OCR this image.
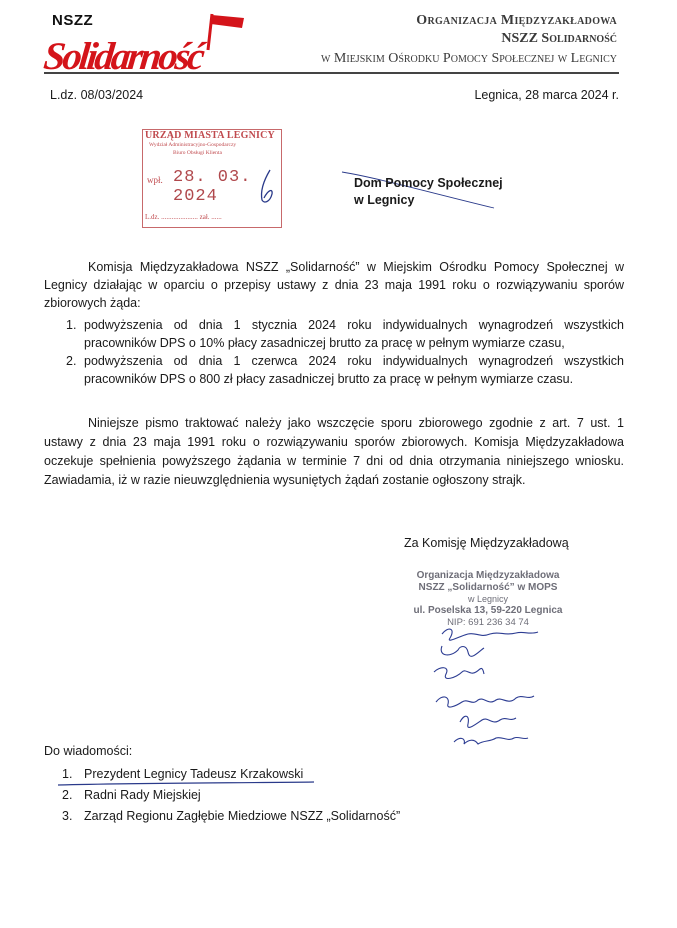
NSZZ
Solidarność
Organizacja Międzyzakładowa
NSZZ Solidarność
w Miejskim Ośrodku Pomocy Społecznej w Legnicy
L.dz. 08/03/2024	Legnica, 28 marca 2024 r.
URZĄD MIASTA LEGNICY
Wydział Administracyjno-Gospodarczy
Biuro Obsługi Klienta
wpł. 28. 03. 2024
L.dz. ..................... zał. ......
Dom Pomocy Społecznej
w Legnicy
Komisja Międzyzakładowa NSZZ „Solidarność” w Miejskim Ośrodku Pomocy Społecznej w Legnicy działając w oparciu o przepisy ustawy z dnia 23 maja 1991 roku o rozwiązywaniu sporów zbiorowych żąda:
1. podwyższenia od dnia 1 stycznia 2024 roku indywidualnych wynagrodzeń wszystkich pracowników DPS o 10% płacy zasadniczej brutto za pracę w pełnym wymiarze czasu,
2. podwyższenia od dnia 1 czerwca 2024 roku indywidualnych wynagrodzeń wszystkich pracowników DPS o 800 zł płacy zasadniczej brutto za pracę w pełnym wymiarze czasu.
Niniejsze pismo traktować należy jako wszczęcie sporu zbiorowego zgodnie z art. 7 ust. 1 ustawy z dnia 23 maja 1991 roku o rozwiązywaniu sporów zbiorowych. Komisja Międzyzakładowa oczekuje spełnienia powyższego żądania w terminie 7 dni od dnia otrzymania niniejszego wniosku. Zawiadamia, iż w razie nieuwzględnienia wysuniętych żądań zostanie ogłoszony strajk.
Za Komisję Międzyzakładową
Organizacja Międzyzakładowa
NSZZ „Solidarność” w MOPS
w Legnicy
ul. Poselska 13, 59-220 Legnica
NIP: 691 236 34 74
Do wiadomości:
1. Prezydent Legnicy Tadeusz Krzakowski
2. Radni Rady Miejskiej
3. Zarząd Regionu Zagłębie Miedziowe NSZZ „Solidarność”
